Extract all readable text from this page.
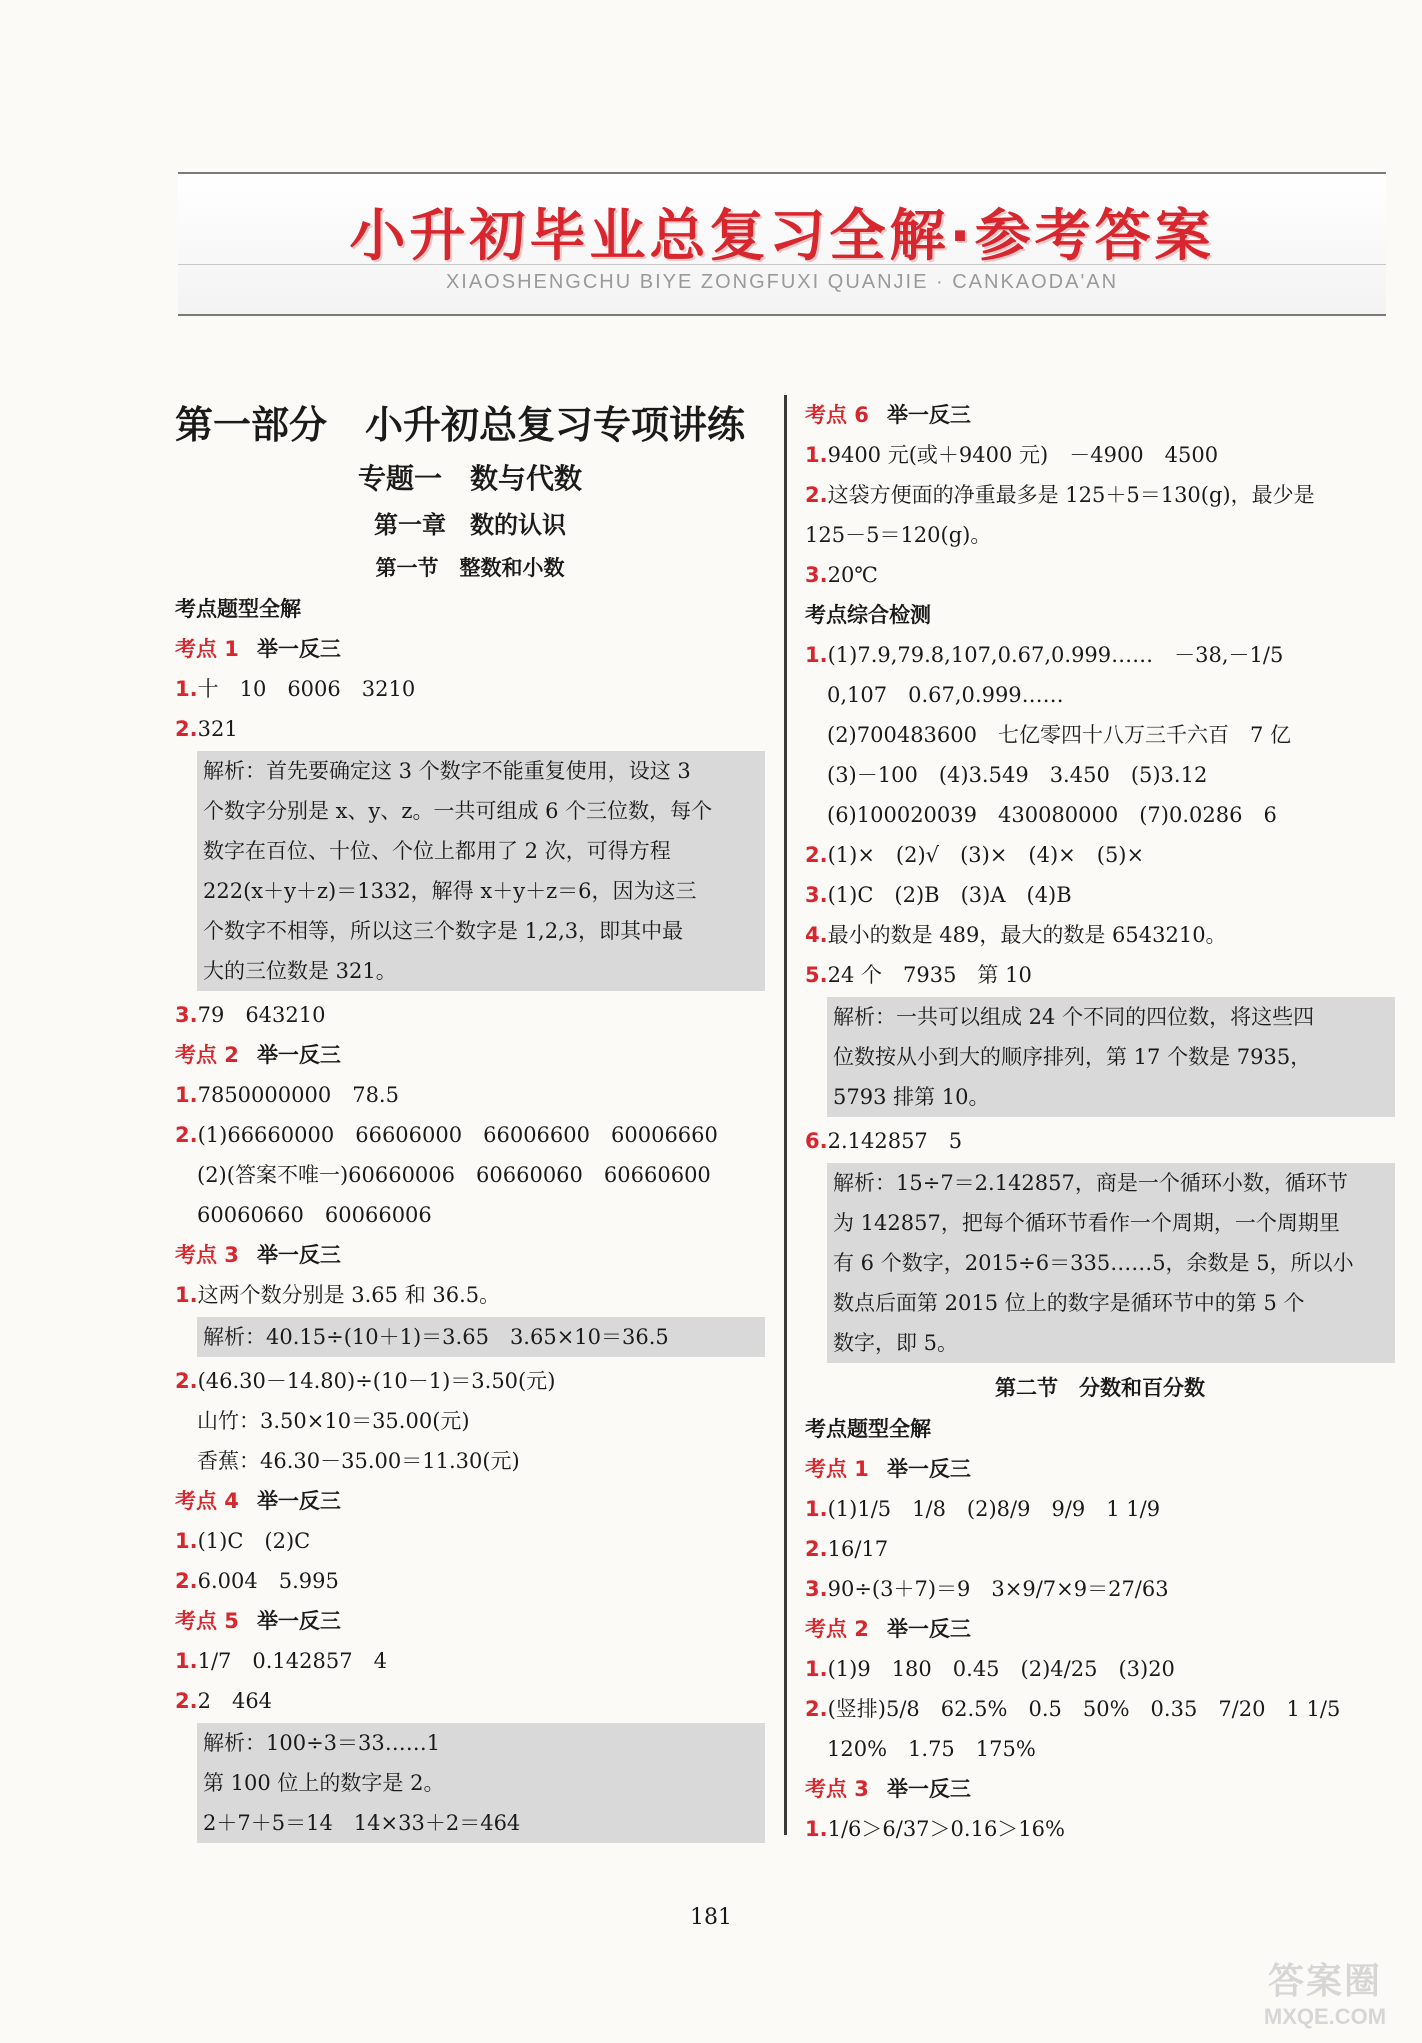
小升初毕业总复习全解·参考答案
XIAOSHENGCHU BIYE ZONGFUXI QUANJIE · CANKAODA'AN
第一部分　小升初总复习专项讲练
专题一　数与代数
第一章　数的认识
第一节　整数和小数
考点题型全解
考点 1 举一反三
1.十　10　6006　3210
2.321
解析：首先要确定这 3 个数字不能重复使用，设这 3
个数字分别是 x、y、z。一共可组成 6 个三位数，每个
数字在百位、十位、个位上都用了 2 次，可得方程
222(x＋y＋z)＝1332，解得 x＋y＋z＝6，因为这三
个数字不相等，所以这三个数字是 1,2,3，即其中最
大的三位数是 321。
3.79　643210
考点 2 举一反三
1.7850000000　78.5
2.(1)66660000　66606000　66006600　60006660
(2)(答案不唯一)60660006　60660060　60660600
60060660　60066006
考点 3 举一反三
1.这两个数分别是 3.65 和 36.5。
解析：40.15÷(10＋1)＝3.65　3.65×10＝36.5
2.(46.30－14.80)÷(10－1)＝3.50(元)
山竹：3.50×10＝35.00(元)
香蕉：46.30－35.00＝11.30(元)
考点 4 举一反三
1.(1)C　(2)C
2.6.004　5.995
考点 5 举一反三
1.1/7　0.142857　4
2.2　464
解析：100÷3＝33……1
第 100 位上的数字是 2。
2＋7＋5＝14　14×33＋2＝464
考点 6 举一反三
1.9400 元(或＋9400 元)　－4900　4500
2.这袋方便面的净重最多是 125＋5＝130(g)，最少是
125－5＝120(g)。
3.20℃
考点综合检测
1.(1)7.9,79.8,107,0.67,0.999……　－38,－1/5
0,107　0.67,0.999……
(2)700483600　七亿零四十八万三千六百　7 亿
(3)－100　(4)3.549　3.450　(5)3.12
(6)100020039　430080000　(7)0.0286　6
2.(1)×　(2)√　(3)×　(4)×　(5)×
3.(1)C　(2)B　(3)A　(4)B
4.最小的数是 489，最大的数是 6543210。
5.24 个　7935　第 10
解析：一共可以组成 24 个不同的四位数，将这些四
位数按从小到大的顺序排列，第 17 个数是 7935，
5793 排第 10。
6.2.142857　5
解析：15÷7＝2.142857，商是一个循环小数，循环节
为 142857，把每个循环节看作一个周期，一个周期里
有 6 个数字，2015÷6＝335……5，余数是 5，所以小
数点后面第 2015 位上的数字是循环节中的第 5 个
数字，即 5。
第二节　分数和百分数
考点题型全解
考点 1 举一反三
1.(1)1/5　1/8　(2)8/9　9/9　1 1/9
2.16/17
3.90÷(3＋7)＝9　3×9/7×9＝27/63
考点 2 举一反三
1.(1)9　180　0.45　(2)4/25　(3)20
2.(竖排)5/8　62.5%　0.5　50%　0.35　7/20　1 1/5
120%　1.75　175%
考点 3 举一反三
1.1/6＞6/37＞0.16＞16%
181
答案圈
MXQE.COM
